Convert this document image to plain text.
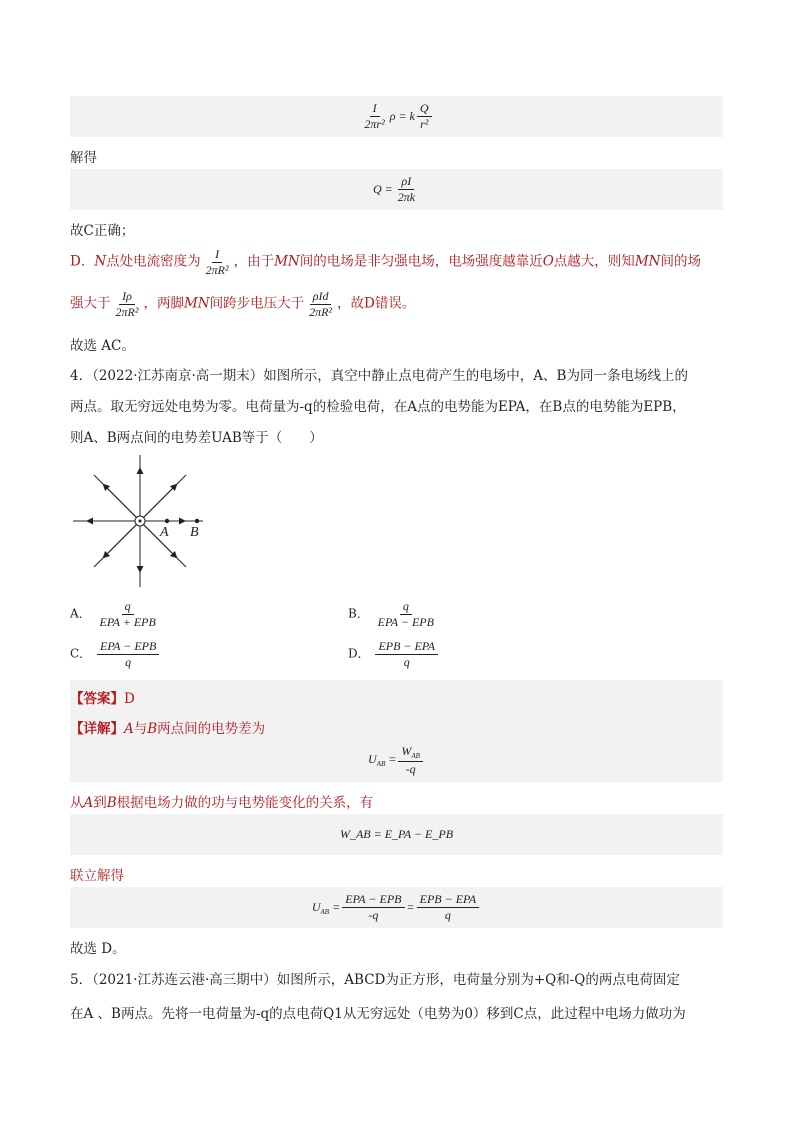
$\frac{I}{\text{2πr²}}$ ρ = k $\frac{Q}{\text{r²}}$
解得
$Q = \frac{\rho I}{2\pi k}$
故C正确；
D．N点处电流密度为 $\frac{I}{\text{2πR²}}$ ，由于MN间的电场是非匀强电场，电场强度越靠近O点越大，则知MN间的场
强大于 $\frac{I\rho}{\text{2πR²}}$ ，两脚MN间跨步电压大于 $\frac{\text{ρId}}{\text{2πR²}}$ ，故D错误。
故选 AC。
4．（2022·江苏南京·高一期末）如图所示，真空中静止点电荷产生的电场中，A、B为同一条电场线上的
两点。取无穷远处电势为零。电荷量为-q的检验电荷，在A点的电势能为EPA，在B点的电势能为EPB，
则A、B两点间的电势差UAB等于（　　）
A B
A． $\frac{q}{\text{EPA + EPB}}$	B． $\frac{q}{\text{EPA − EPB}}$
C． $\frac{\text{EPA − EPB}}{q}$	D． $\frac{\text{EPB − EPA}}{q}$
【答案】D
【详解】A与B两点间的电势差为
$U_{AB} = \frac{W_{AB}}{-q}$
从A到B根据电场力做的功与电势能变化的关系，有
W_AB = E_PA − E_PB
联立解得
$U_{AB} = \frac{\text{EPA − EPB}}{-q} = \frac{\text{EPB − EPA}}{q}$
故选 D。
5．（2021·江苏连云港·高三期中）如图所示，ABCD为正方形，电荷量分别为+Q和-Q的两点电荷固定
在A 、B两点。先将一电荷量为-q的点电荷Q1从无穷远处（电势为0）移到C点，此过程中电场力做功为
